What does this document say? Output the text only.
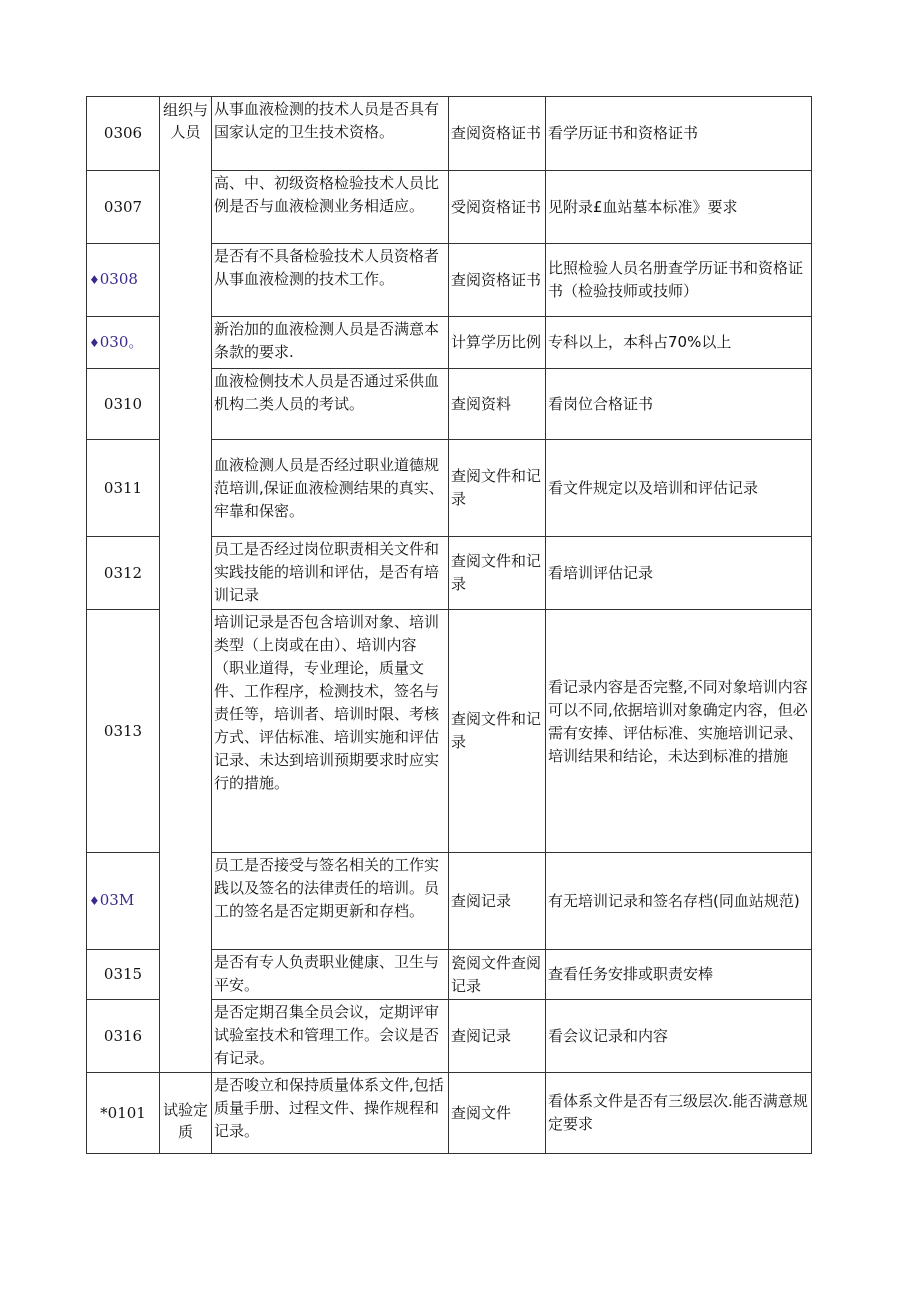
0306	组织与人员	从事血液检测的技术人员是否具有国家认定的卫生技术资格。	查阅资格证书	看学历证书和资格证书
0307		高、中、初级资格检验技术人员比例是否与血液检测业务相适应。	受阅资格证书	见附录£血站墓本标准》要求
♦0308		是否有不具备检验技术人员资格者从事血液检测的技术工作。	查阅资格证书	比照检验人员名册查学历证书和资格证书（检验技师或技师）
♦030。		新治加的血液检测人员是否满意本条款的要求.	计算学历比例	专科以上，本科占70%以上
0310		血液检侧技术人员是否通过采供血机构二类人员的考试。	查阅资料	看岗位合格证书
0311		血液检测人员是否经过职业道德规范培训,保证血液检测结果的真实、牢靠和保密。	查阅文件和记录	看文件规定以及培训和评估记录
0312		员工是否经过岗位职责相关文件和实践技能的培训和评估，是否有培训记录	查阅文件和记录	看培训评估记录
0313		培训记录是否包含培训对象、培训类型（上岗或在由）、培训内容（职业道得，专业理论，质量文件、工作程序，检测技术，签名与责任等，培训者、培训时限、考核方式、评估标准、培训实施和评估记录、未达到培训预期要求时应实行的措施。	查阅文件和记录	看记录内容是否完整,不同对象培训内容可以不同,依据培训对象确定内容，但必需有安捧、评估标准、实施培训记录、培训结果和结论，未达到标准的措施
♦03M		员工是否接受与签名相关的工作实践以及签名的法律责任的培训。员工的签名是否定期更新和存档。	查阅记录	有无培训记录和签名存档(同血站规范)
0315		是否有专人负责职业健康、卫生与平安。	瓷阅文件查阅记录	查看任务安排或职责安棒
0316		是否定期召集全员会议，定期评审试验室技术和管理工作。会议是否有记录。	查阅记录	看会议记录和内容
*0101	试验定质	是否唆立和保持质量体系文件,包括质量手册、过程文件、操作规程和记录。	查阅文件	看体系文件是否有三级层次.能否满意规定要求
